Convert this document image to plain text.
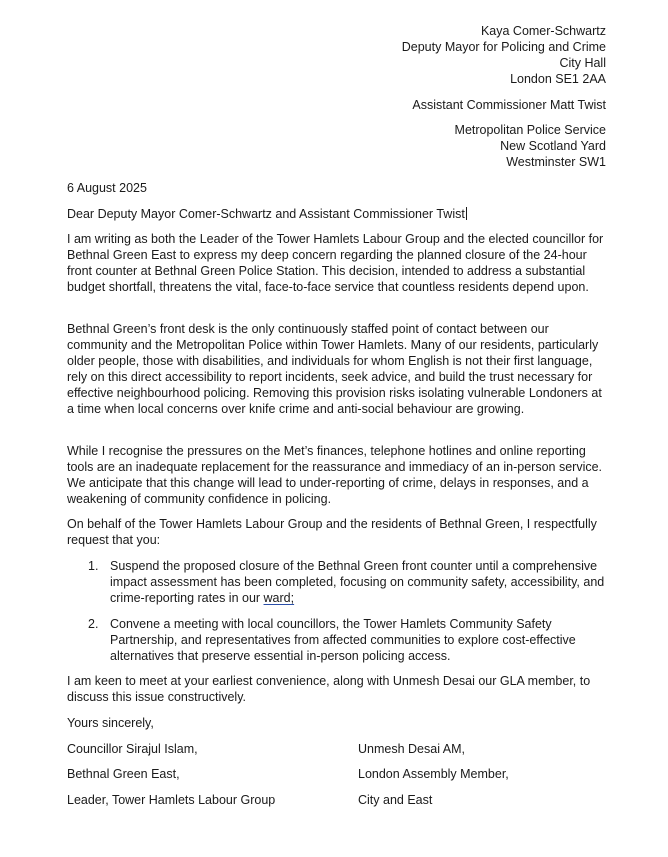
Kaya Comer-Schwartz
Deputy Mayor for Policing and Crime
City Hall
London SE1 2AA
Assistant Commissioner Matt Twist
Metropolitan Police Service
New Scotland Yard
Westminster SW1
6 August 2025
Dear Deputy Mayor Comer-Schwartz and Assistant Commissioner Twist
I am writing as both the Leader of the Tower Hamlets Labour Group and the elected councillor for Bethnal Green East to express my deep concern regarding the planned closure of the 24-hour front counter at Bethnal Green Police Station. This decision, intended to address a substantial budget shortfall, threatens the vital, face-to-face service that countless residents depend upon.
Bethnal Green’s front desk is the only continuously staffed point of contact between our community and the Metropolitan Police within Tower Hamlets. Many of our residents, particularly older people, those with disabilities, and individuals for whom English is not their first language, rely on this direct accessibility to report incidents, seek advice, and build the trust necessary for effective neighbourhood policing. Removing this provision risks isolating vulnerable Londoners at a time when local concerns over knife crime and anti-social behaviour are growing.
While I recognise the pressures on the Met’s finances, telephone hotlines and online reporting tools are an inadequate replacement for the reassurance and immediacy of an in-person service. We anticipate that this change will lead to under-reporting of crime, delays in responses, and a weakening of community confidence in policing.
On behalf of the Tower Hamlets Labour Group and the residents of Bethnal Green, I respectfully request that you:
1. Suspend the proposed closure of the Bethnal Green front counter until a comprehensive impact assessment has been completed, focusing on community safety, accessibility, and crime-reporting rates in our ward;
2. Convene a meeting with local councillors, the Tower Hamlets Community Safety Partnership, and representatives from affected communities to explore cost-effective alternatives that preserve essential in-person policing access.
I am keen to meet at your earliest convenience, along with Unmesh Desai our GLA member, to discuss this issue constructively.
Yours sincerely,
Councillor Sirajul Islam,
Bethnal Green East,
Leader, Tower Hamlets Labour Group
Unmesh Desai AM,
London Assembly Member,
City and East
